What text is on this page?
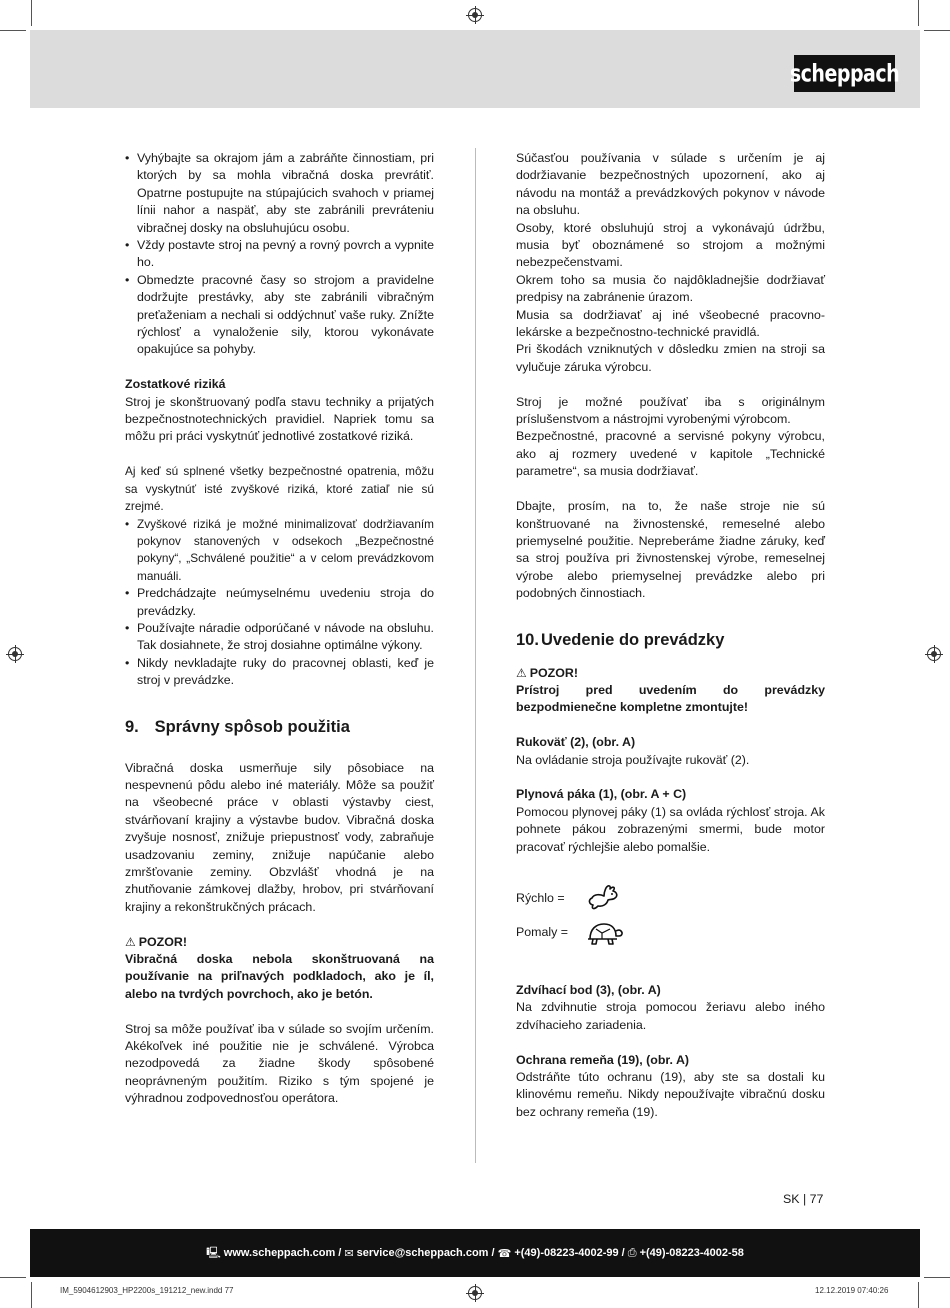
scheppach
• Vyhýbajte sa okrajom jám a zabráňte činnostiam, pri ktorých by sa mohla vibračná doska prevrátiť. Opatrne postupujte na stúpajúcich svahoch v priamej línii nahor a naspäť, aby ste zabránili prevráteniu vibračnej dosky na obsluhujúcu osobu.
• Vždy postavte stroj na pevný a rovný povrch a vypnite ho.
• Obmedzte pracovné časy so strojom a pravidelne dodržujte prestávky, aby ste zabránili vibračným preťaženiam a nechali si oddýchnuť vaše ruky. Znížte rýchlosť a vynaloženie sily, ktorou vykonávate opakujúce sa pohyby.

Zostatkové riziká

Stroj je skonštruovaný podľa stavu techniky a prijatých bezpečnostnotechnických pravidiel. Napriek tomu sa môžu pri práci vyskytnúť jednotlivé zostatkové riziká.

Aj keď sú splnené všetky bezpečnostné opatrenia, môžu sa vyskytnúť isté zvyškové riziká, ktoré zatiaľ nie sú zrejmé.

• Zvyškové riziká je možné minimalizovať dodržiavaním pokynov stanovených v odsekoch „Bezpečnostné pokyny“, „Schválené použitie“ a v celom prevádzkovom manuáli.
• Predchádzajte neúmyselnému uvedeniu stroja do prevádzky.
• Používajte náradie odporúčané v návode na obsluhu. Tak dosiahnete, že stroj dosiahne optimálne výkony.
• Nikdy nevkladajte ruky do pracovnej oblasti, keď je stroj v prevádzke.
9. Správny spôsob použitia

Vibračná doska usmerňuje sily pôsobiace na nespevnenú pôdu alebo iné materiály. Môže sa použiť na všeobecné práce v oblasti výstavby ciest, stvárňovaní krajiny a výstavbe budov. Vibračná doska zvyšuje nosnosť, znižuje priepustnosť vody, zabraňuje usadzovaniu zeminy, znižuje napúčanie alebo zmršťovanie zeminy. Obzvlášť vhodná je na zhutňovanie zámkovej dlažby, hrobov, pri stvárňovaní krajiny a rekonštrukčných prácach.

⚠ POZOR!

Vibračná doska nebola skonštruovaná na používanie na priľnavých podkladoch, ako je íl, alebo na tvrdých povrchoch, ako je betón.

Stroj sa môže používať iba v súlade so svojím určením. Akékoľvek iné použitie nie je schválené. Výrobca nezodpovedá za žiadne škody spôsobené neoprávneným použitím. Riziko s tým spojené je výhradnou zodpovednosťou operátora.

Súčasťou používania v súlade s určením je aj dodržiavanie bezpečnostných upozornení, ako aj návodu na montáž a prevádzkových pokynov v návode na obsluhu.

Osoby, ktoré obsluhujú stroj a vykonávajú údržbu, musia byť oboznámené so strojom a možnými nebezpečenstvami.

Okrem toho sa musia čo najdôkladnejšie dodržiavať predpisy na zabránenie úrazom.

Musia sa dodržiavať aj iné všeobecné pracovno-lekárske a bezpečnostno-technické pravidlá.

Pri škodách vzniknutých v dôsledku zmien na stroji sa vylučuje záruka výrobcu.

Stroj je možné používať iba s originálnym príslušenstvom a nástrojmi vyrobenými výrobcom.

Bezpečnostné, pracovné a servisné pokyny výrobcu, ako aj rozmery uvedené v kapitole „Technické parametre“, sa musia dodržiavať.

Dbajte, prosím, na to, že naše stroje nie sú konštruované na živnostenské, remeselné alebo priemyselné použitie. Nepreberáme žiadne záruky, keď sa stroj používa pri živnostenskej výrobe, remeselnej výrobe alebo priemyselnej prevádzke alebo pri podobných činnostiach.

10. Uvedenie do prevádzky

⚠ POZOR!

Prístroj pred uvedením do prevádzky bezpodmienečne kompletne zmontujte!

Rukoväť (2), (obr. A)

Na ovládanie stroja používajte rukoväť (2).

Plynová páka (1), (obr. A + C)

Pomocou plynovej páky (1) sa ovláda rýchlosť stroja. Ak pohnete pákou zobrazenými smermi, bude motor pracovať rýchlejšie alebo pomalšie.

Rýchlo =
Pomaly =

Zdvíhací bod (3), (obr. A)

Na zdvihnutie stroja pomocou žeriavu alebo iného zdvíhacieho zariadenia.

Ochrana remeňa (19), (obr. A)

Odstráňte túto ochranu (19), aby ste sa dostali ku klinovému remeňu. Nikdy nepoužívajte vibračnú dosku bez ochrany remeňa (19).

SK | 77
🖳 www.scheppach.com /
✉ service@scheppach.com /
☎ +(49)-08223-4002-99 /
⎙ +(49)-08223-4002-58
IM_5904612903_HP2200s_191212_new.indd 77	12.12.2019 07:40:26
